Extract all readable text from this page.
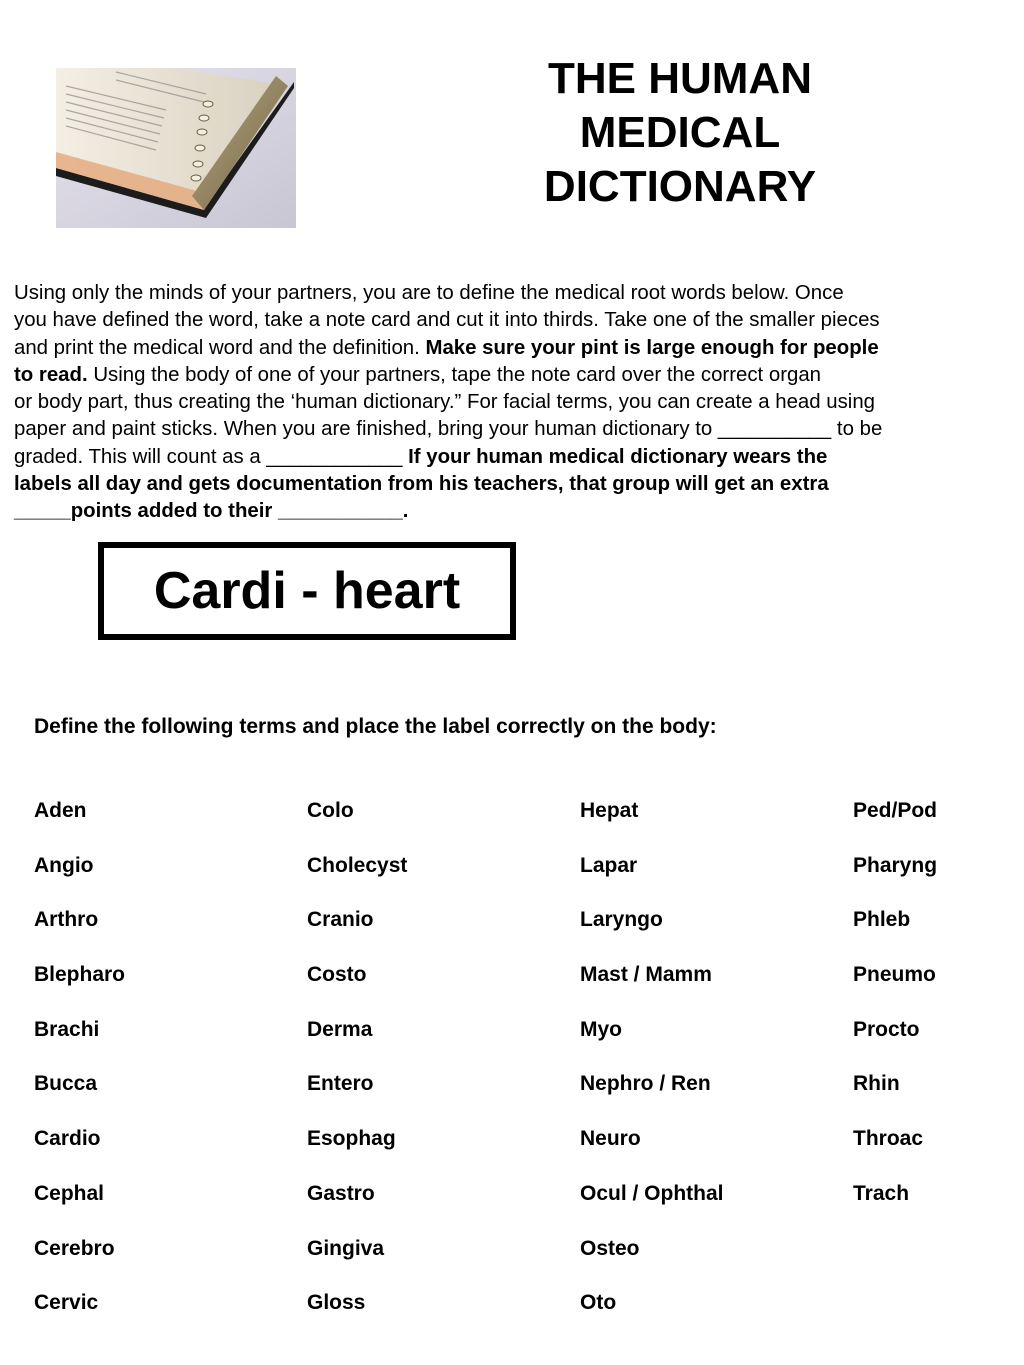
THE HUMAN
MEDICAL
DICTIONARY
Using only the minds of your partners, you are to define the medical root words below. Once
you have defined the word, take a note card and cut it into thirds. Take one of the smaller pieces
and print the medical word and the definition. Make sure your pint is large enough for people
to read. Using the body of one of your partners, tape the note card over the correct organ
or body part, thus creating the ‘human dictionary.” For facial terms, you can create a head using
paper and paint sticks. When you are finished, bring your human dictionary to __________ to be
graded. This will count as a ____________ If your human medical dictionary wears the
labels all day and gets documentation from his teachers, that group will get an extra
_____points added to their ___________.
Cardi - heart
Define the following terms and place the label correctly on the body:
Aden
Angio
Arthro
Blepharo
Brachi
Bucca
Cardio
Cephal
Cerebro
Cervic
Colo
Cholecyst
Cranio
Costo
Derma
Entero
Esophag
Gastro
Gingiva
Gloss
Hepat
Lapar
Laryngo
Mast / Mamm
Myo
Nephro / Ren
Neuro
Ocul / Ophthal
Osteo
Oto
Ped/Pod
Pharyng
Phleb
Pneumo
Procto
Rhin
Throac
Trach
